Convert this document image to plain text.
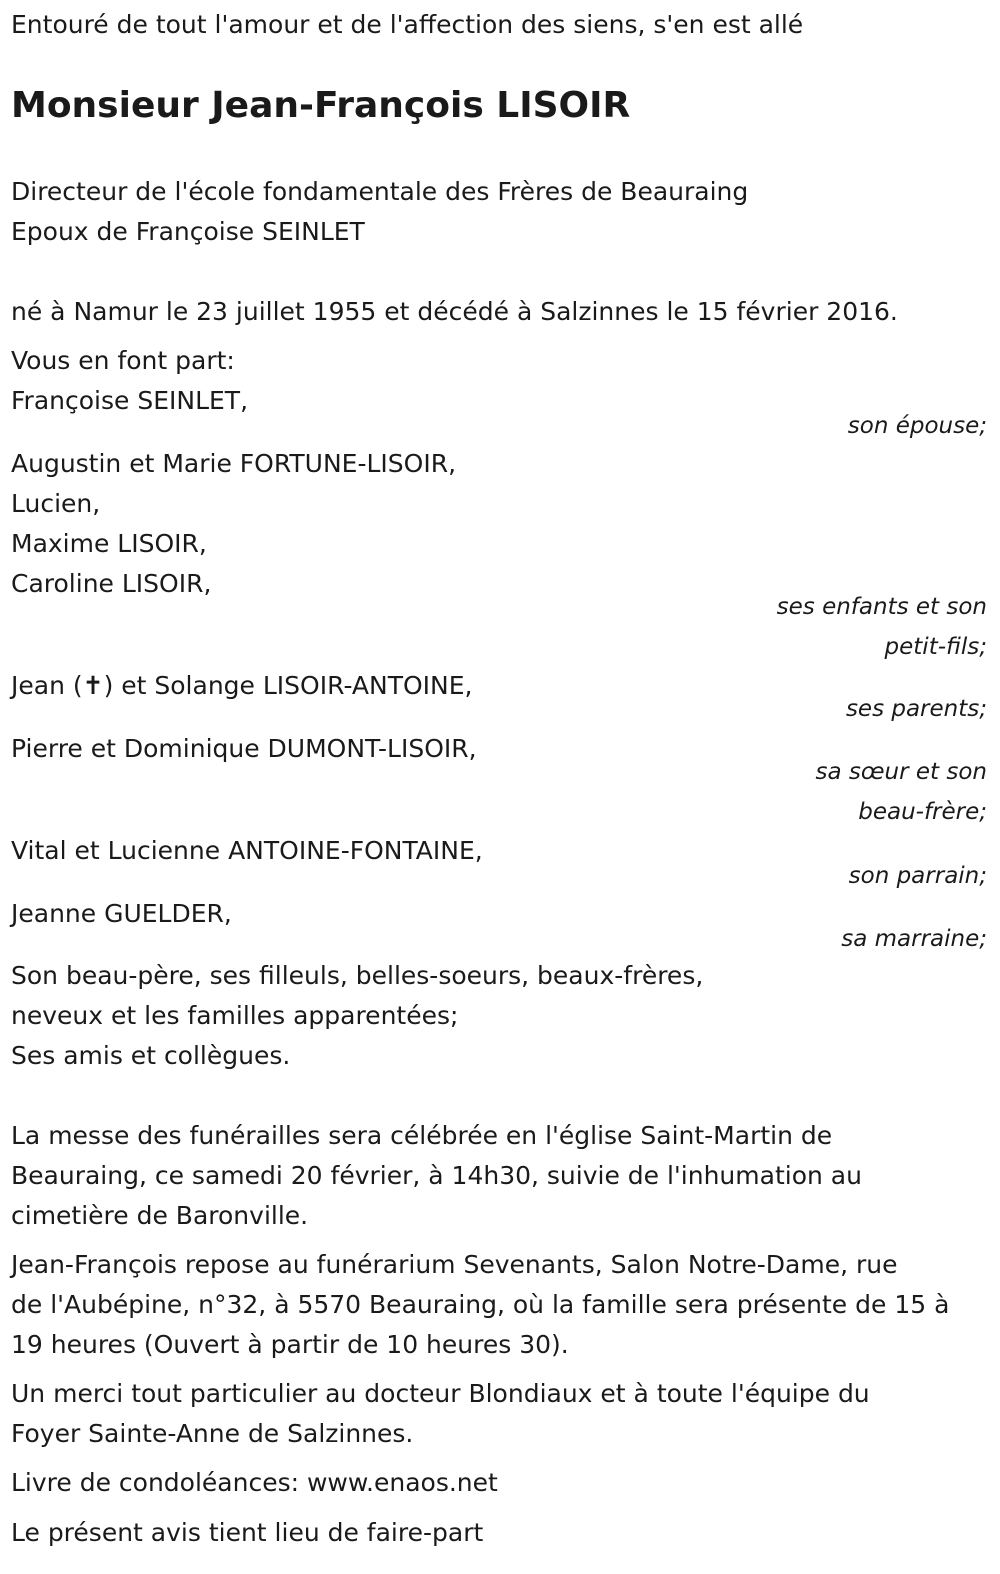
Entouré de tout l'amour et de l'affection des siens, s'en est allé
Monsieur Jean-François LISOIR
Directeur de l'école fondamentale des Frères de Beauraing
Epoux de Françoise SEINLET
né à Namur le 23 juillet 1955 et décédé à Salzinnes le 15 février 2016.
Vous en font part:
Françoise SEINLET,
son épouse;
Augustin et Marie FORTUNE-LISOIR,
Lucien,
Maxime LISOIR,
Caroline LISOIR,
ses enfants et son
petit-fils;
Jean (✝) et Solange LISOIR-ANTOINE,
ses parents;
Pierre et Dominique DUMONT-LISOIR,
sa sœur et son
beau-frère;
Vital et Lucienne ANTOINE-FONTAINE,
son parrain;
Jeanne GUELDER,
sa marraine;
Son beau-père, ses filleuls, belles-soeurs, beaux-frères,
neveux et les familles apparentées;
Ses amis et collègues.
La messe des funérailles sera célébrée en l'église Saint-Martin de
Beauraing, ce samedi 20 février, à 14h30, suivie de l'inhumation au
cimetière de Baronville.
Jean-François repose au funérarium Sevenants, Salon Notre-Dame, rue
de l'Aubépine, n°32, à 5570 Beauraing, où la famille sera présente de 15 à
19 heures (Ouvert à partir de 10 heures 30).
Un merci tout particulier au docteur Blondiaux et à toute l'équipe du
Foyer Sainte-Anne de Salzinnes.
Livre de condoléances: www.enaos.net
Le présent avis tient lieu de faire-part
